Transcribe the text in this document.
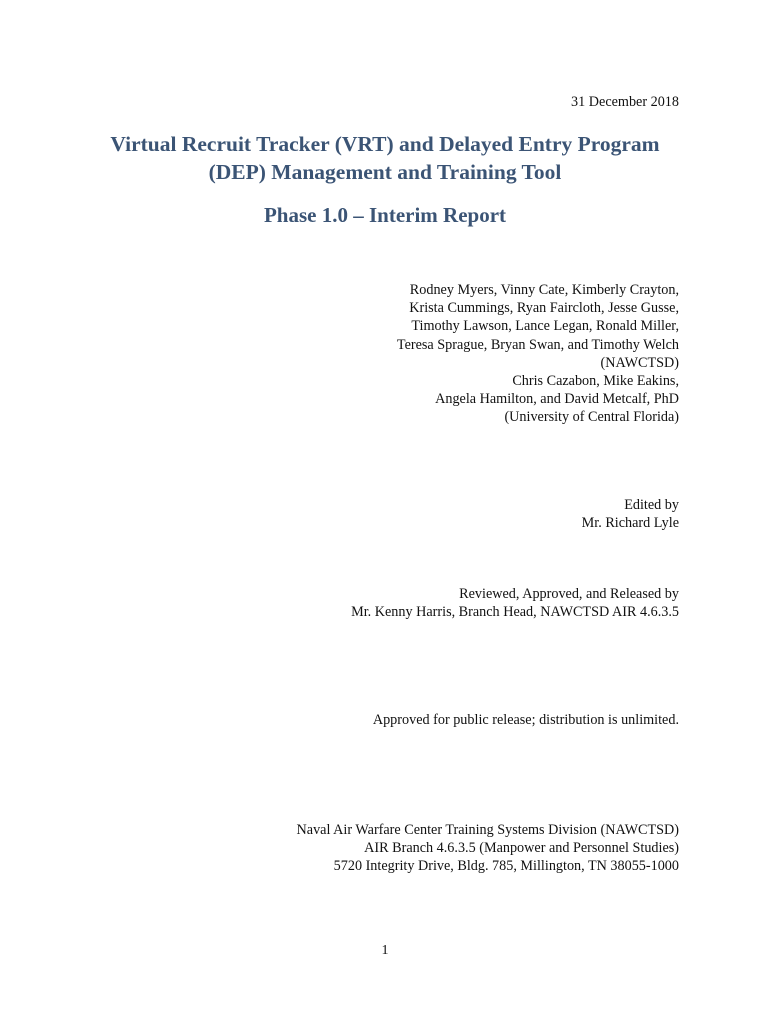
31 December 2018
Virtual Recruit Tracker (VRT) and Delayed Entry Program
(DEP) Management and Training Tool
Phase 1.0 – Interim Report
Rodney Myers, Vinny Cate, Kimberly Crayton,
Krista Cummings, Ryan Faircloth, Jesse Gusse,
Timothy Lawson, Lance Legan, Ronald Miller,
Teresa Sprague, Bryan Swan, and Timothy Welch
(NAWCTSD)
Chris Cazabon, Mike Eakins,
Angela Hamilton, and David Metcalf, PhD
(University of Central Florida)
Edited by
Mr. Richard Lyle
Reviewed, Approved, and Released by
Mr. Kenny Harris, Branch Head, NAWCTSD AIR 4.6.3.5
Approved for public release; distribution is unlimited.
Naval Air Warfare Center Training Systems Division (NAWCTSD)
AIR Branch 4.6.3.5 (Manpower and Personnel Studies)
5720 Integrity Drive, Bldg. 785, Millington, TN 38055-1000
1
